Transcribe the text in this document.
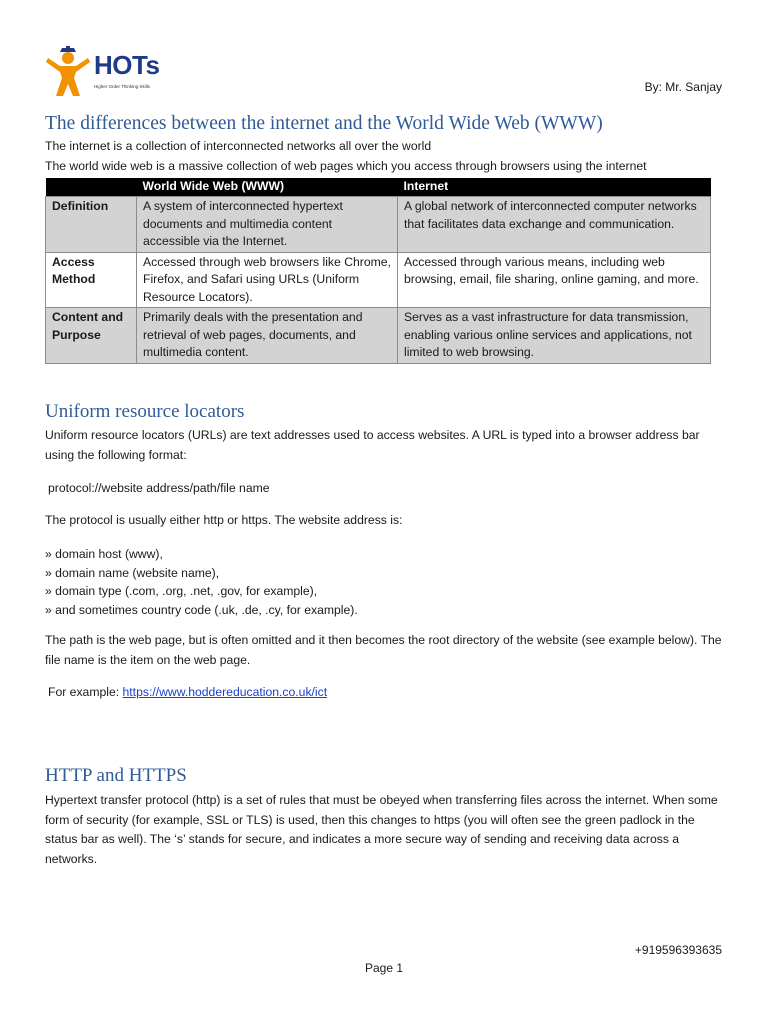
HOTs
Higher Order Thinking Skills	By: Mr. Sanjay
The differences between the internet and the World Wide Web (WWW)

The internet is a collection of interconnected networks all over the world

The world wide web is a massive collection of web pages which you access through browsers using the internet

	World Wide Web (WWW)	Internet
Definition	A system of interconnected hypertext documents and multimedia content accessible via the Internet.	A global network of interconnected computer networks that facilitates data exchange and communication.
Access Method	Accessed through web browsers like Chrome, Firefox, and Safari using URLs (Uniform Resource Locators).	Accessed through various means, including web browsing, email, file sharing, online gaming, and more.
Content and Purpose	Primarily deals with the presentation and retrieval of web pages, documents, and multimedia content.	Serves as a vast infrastructure for data transmission, enabling various online services and applications, not limited to web browsing.
Uniform resource locators

Uniform resource locators (URLs) are text addresses used to access websites. A URL is typed into a browser address bar using the following format:

protocol://website address/path/file name

The protocol is usually either http or https. The website address is:

» domain host (www),
» domain name (website name),
» domain type (.com, .org, .net, .gov, for example),
» and sometimes country code (.uk, .de, .cy, for example).

The path is the web page, but is often omitted and it then becomes the root directory of the website (see example below). The file name is the item on the web page.

For example: https://www.hoddereducation.co.uk/ict

HTTP and HTTPS

Hypertext transfer protocol (http) is a set of rules that must be obeyed when transferring files across the internet. When some form of security (for example, SSL or TLS) is used, then this changes to https (you will often see the green padlock in the status bar as well). The ‘s’ stands for secure, and indicates a more secure way of sending and receiving data across a networks.

+919596393635
Page 1
